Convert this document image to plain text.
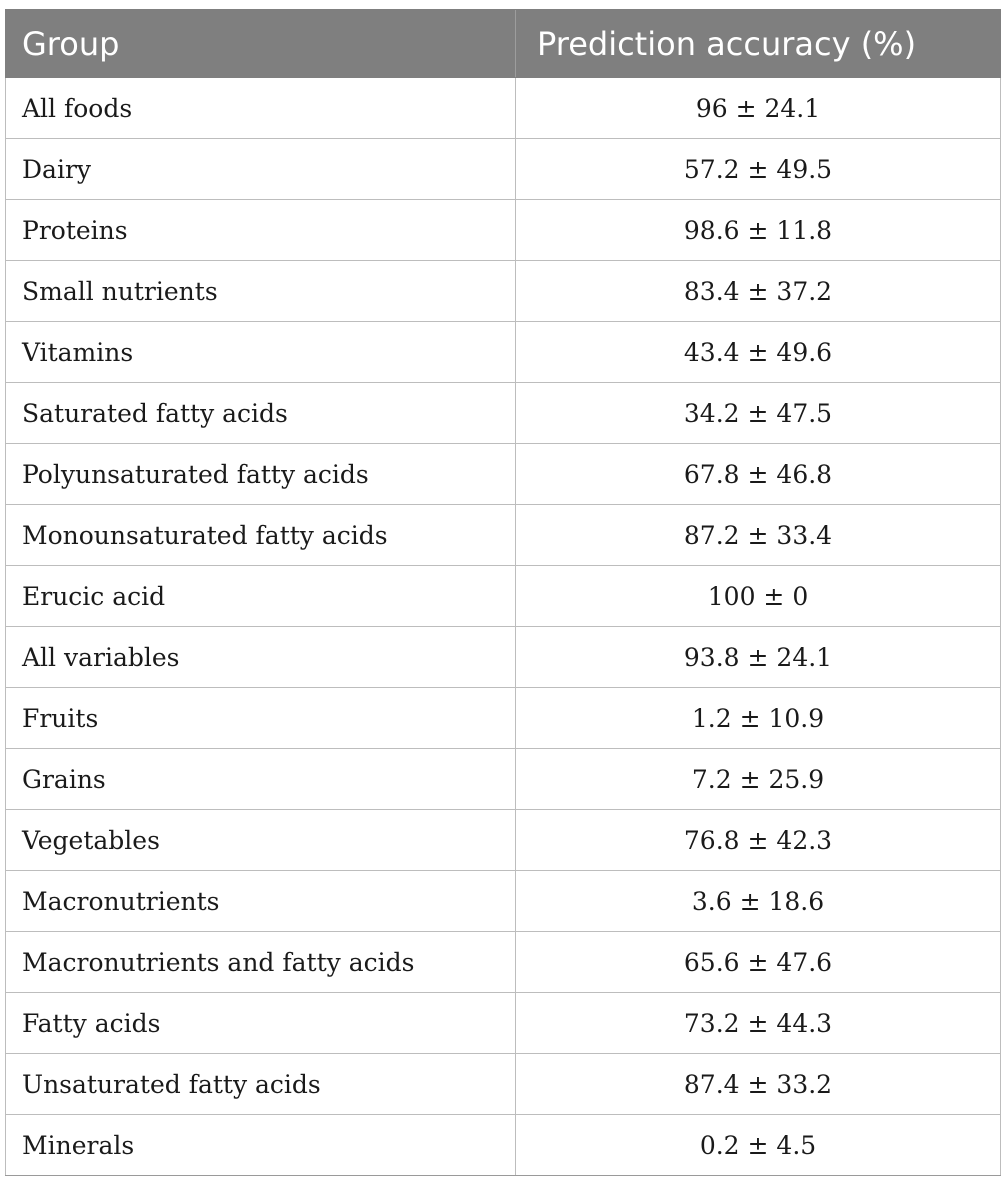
Group	Prediction accuracy (%)
All foods	96 ± 24.1
Dairy	57.2 ± 49.5
Proteins	98.6 ± 11.8
Small nutrients	83.4 ± 37.2
Vitamins	43.4 ± 49.6
Saturated fatty acids	34.2 ± 47.5
Polyunsaturated fatty acids	67.8 ± 46.8
Monounsaturated fatty acids	87.2 ± 33.4
Erucic acid	100 ± 0
All variables	93.8 ± 24.1
Fruits	1.2 ± 10.9
Grains	7.2 ± 25.9
Vegetables	76.8 ± 42.3
Macronutrients	3.6 ± 18.6
Macronutrients and fatty acids	65.6 ± 47.6
Fatty acids	73.2 ± 44.3
Unsaturated fatty acids	87.4 ± 33.2
Minerals	0.2 ± 4.5
